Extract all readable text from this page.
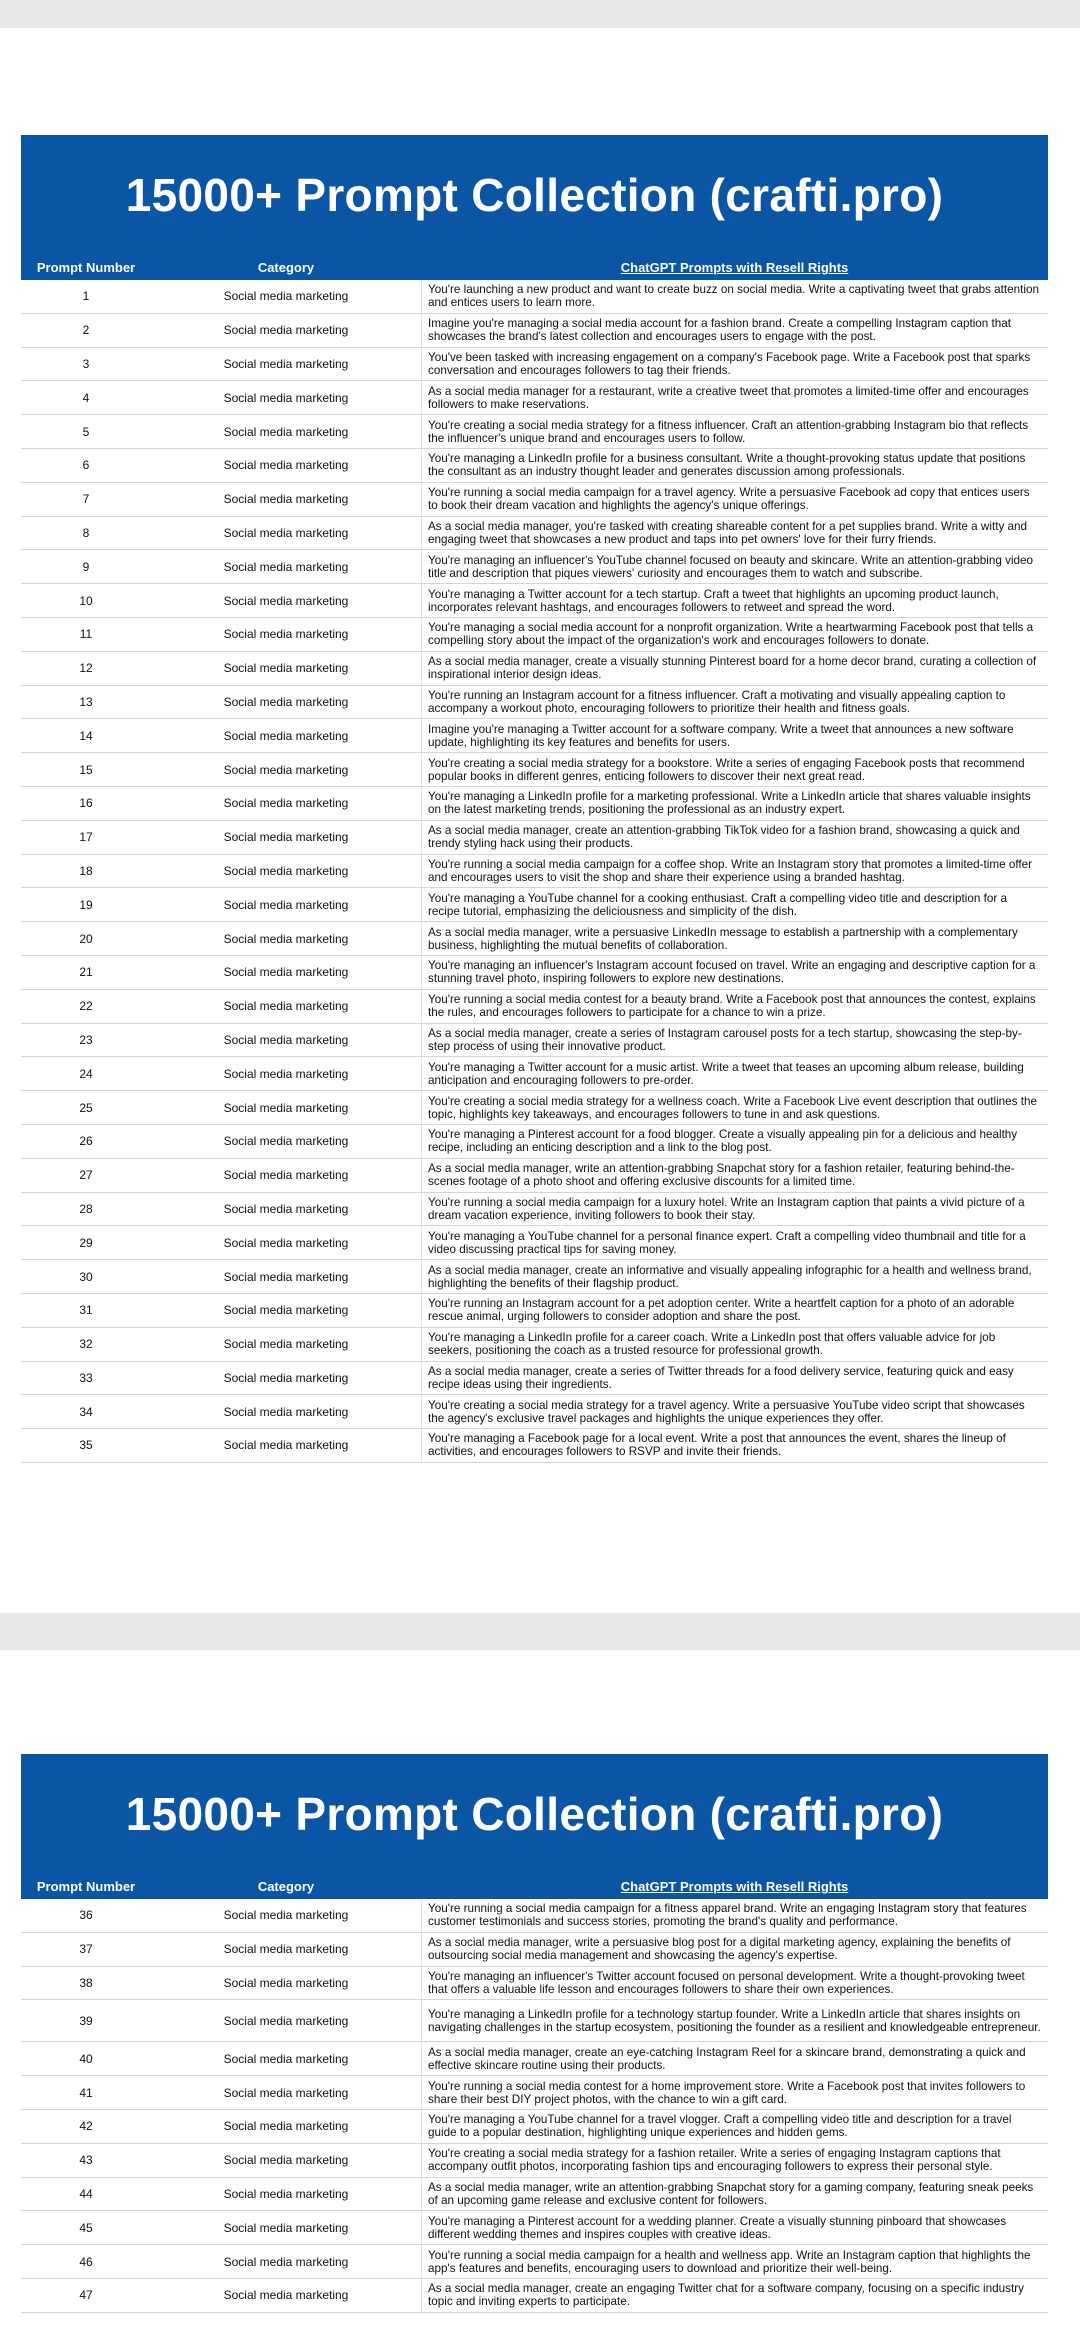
15000+ Prompt Collection (crafti.pro)
Prompt Number	Category	ChatGPT Prompts with Resell Rights
1	Social media marketing	You're launching a new product and want to create buzz on social media. Write a captivating tweet that grabs attention and entices users to learn more.
2	Social media marketing	Imagine you're managing a social media account for a fashion brand. Create a compelling Instagram caption that showcases the brand's latest collection and encourages users to engage with the post.
3	Social media marketing	You've been tasked with increasing engagement on a company's Facebook page. Write a Facebook post that sparks conversation and encourages followers to tag their friends.
4	Social media marketing	As a social media manager for a restaurant, write a creative tweet that promotes a limited-time offer and encourages followers to make reservations.
5	Social media marketing	You're creating a social media strategy for a fitness influencer. Craft an attention-grabbing Instagram bio that reflects the influencer's unique brand and encourages users to follow.
6	Social media marketing	You're managing a LinkedIn profile for a business consultant. Write a thought-provoking status update that positions the consultant as an industry thought leader and generates discussion among professionals.
7	Social media marketing	You're running a social media campaign for a travel agency. Write a persuasive Facebook ad copy that entices users to book their dream vacation and highlights the agency's unique offerings.
8	Social media marketing	As a social media manager, you're tasked with creating shareable content for a pet supplies brand. Write a witty and engaging tweet that showcases a new product and taps into pet owners' love for their furry friends.
9	Social media marketing	You're managing an influencer's YouTube channel focused on beauty and skincare. Write an attention-grabbing video title and description that piques viewers' curiosity and encourages them to watch and subscribe.
10	Social media marketing	You're managing a Twitter account for a tech startup. Craft a tweet that highlights an upcoming product launch, incorporates relevant hashtags, and encourages followers to retweet and spread the word.
11	Social media marketing	You're managing a social media account for a nonprofit organization. Write a heartwarming Facebook post that tells a compelling story about the impact of the organization's work and encourages followers to donate.
12	Social media marketing	As a social media manager, create a visually stunning Pinterest board for a home decor brand, curating a collection of inspirational interior design ideas.
13	Social media marketing	You're running an Instagram account for a fitness influencer. Craft a motivating and visually appealing caption to accompany a workout photo, encouraging followers to prioritize their health and fitness goals.
14	Social media marketing	Imagine you're managing a Twitter account for a software company. Write a tweet that announces a new software update, highlighting its key features and benefits for users.
15	Social media marketing	You're creating a social media strategy for a bookstore. Write a series of engaging Facebook posts that recommend popular books in different genres, enticing followers to discover their next great read.
16	Social media marketing	You're managing a LinkedIn profile for a marketing professional. Write a LinkedIn article that shares valuable insights on the latest marketing trends, positioning the professional as an industry expert.
17	Social media marketing	As a social media manager, create an attention-grabbing TikTok video for a fashion brand, showcasing a quick and trendy styling hack using their products.
18	Social media marketing	You're running a social media campaign for a coffee shop. Write an Instagram story that promotes a limited-time offer and encourages users to visit the shop and share their experience using a branded hashtag.
19	Social media marketing	You're managing a YouTube channel for a cooking enthusiast. Craft a compelling video title and description for a recipe tutorial, emphasizing the deliciousness and simplicity of the dish.
20	Social media marketing	As a social media manager, write a persuasive LinkedIn message to establish a partnership with a complementary business, highlighting the mutual benefits of collaboration.
21	Social media marketing	You're managing an influencer's Instagram account focused on travel. Write an engaging and descriptive caption for a stunning travel photo, inspiring followers to explore new destinations.
22	Social media marketing	You're running a social media contest for a beauty brand. Write a Facebook post that announces the contest, explains the rules, and encourages followers to participate for a chance to win a prize.
23	Social media marketing	As a social media manager, create a series of Instagram carousel posts for a tech startup, showcasing the step-by-step process of using their innovative product.
24	Social media marketing	You're managing a Twitter account for a music artist. Write a tweet that teases an upcoming album release, building anticipation and encouraging followers to pre-order.
25	Social media marketing	You're creating a social media strategy for a wellness coach. Write a Facebook Live event description that outlines the topic, highlights key takeaways, and encourages followers to tune in and ask questions.
26	Social media marketing	You're managing a Pinterest account for a food blogger. Create a visually appealing pin for a delicious and healthy recipe, including an enticing description and a link to the blog post.
27	Social media marketing	As a social media manager, write an attention-grabbing Snapchat story for a fashion retailer, featuring behind-the-scenes footage of a photo shoot and offering exclusive discounts for a limited time.
28	Social media marketing	You're running a social media campaign for a luxury hotel. Write an Instagram caption that paints a vivid picture of a dream vacation experience, inviting followers to book their stay.
29	Social media marketing	You're managing a YouTube channel for a personal finance expert. Craft a compelling video thumbnail and title for a video discussing practical tips for saving money.
30	Social media marketing	As a social media manager, create an informative and visually appealing infographic for a health and wellness brand, highlighting the benefits of their flagship product.
31	Social media marketing	You're running an Instagram account for a pet adoption center. Write a heartfelt caption for a photo of an adorable rescue animal, urging followers to consider adoption and share the post.
32	Social media marketing	You're managing a LinkedIn profile for a career coach. Write a LinkedIn post that offers valuable advice for job seekers, positioning the coach as a trusted resource for professional growth.
33	Social media marketing	As a social media manager, create a series of Twitter threads for a food delivery service, featuring quick and easy recipe ideas using their ingredients.
34	Social media marketing	You're creating a social media strategy for a travel agency. Write a persuasive YouTube video script that showcases the agency's exclusive travel packages and highlights the unique experiences they offer.
35	Social media marketing	You're managing a Facebook page for a local event. Write a post that announces the event, shares the lineup of activities, and encourages followers to RSVP and invite their friends.
15000+ Prompt Collection (crafti.pro)
Prompt Number	Category	ChatGPT Prompts with Resell Rights
36	Social media marketing	You're running a social media campaign for a fitness apparel brand. Write an engaging Instagram story that features customer testimonials and success stories, promoting the brand's quality and performance.
37	Social media marketing	As a social media manager, write a persuasive blog post for a digital marketing agency, explaining the benefits of outsourcing social media management and showcasing the agency's expertise.
38	Social media marketing	You're managing an influencer's Twitter account focused on personal development. Write a thought-provoking tweet that offers a valuable life lesson and encourages followers to share their own experiences.
39	Social media marketing	You're managing a LinkedIn profile for a technology startup founder. Write a LinkedIn article that shares insights on navigating challenges in the startup ecosystem, positioning the founder as a resilient and knowledgeable entrepreneur.
40	Social media marketing	As a social media manager, create an eye-catching Instagram Reel for a skincare brand, demonstrating a quick and effective skincare routine using their products.
41	Social media marketing	You're running a social media contest for a home improvement store. Write a Facebook post that invites followers to share their best DIY project photos, with the chance to win a gift card.
42	Social media marketing	You're managing a YouTube channel for a travel vlogger. Craft a compelling video title and description for a travel guide to a popular destination, highlighting unique experiences and hidden gems.
43	Social media marketing	You're creating a social media strategy for a fashion retailer. Write a series of engaging Instagram captions that accompany outfit photos, incorporating fashion tips and encouraging followers to express their personal style.
44	Social media marketing	As a social media manager, write an attention-grabbing Snapchat story for a gaming company, featuring sneak peeks of an upcoming game release and exclusive content for followers.
45	Social media marketing	You're managing a Pinterest account for a wedding planner. Create a visually stunning pinboard that showcases different wedding themes and inspires couples with creative ideas.
46	Social media marketing	You're running a social media campaign for a health and wellness app. Write an Instagram caption that highlights the app's features and benefits, encouraging users to download and prioritize their well-being.
47	Social media marketing	As a social media manager, create an engaging Twitter chat for a software company, focusing on a specific industry topic and inviting experts to participate.
